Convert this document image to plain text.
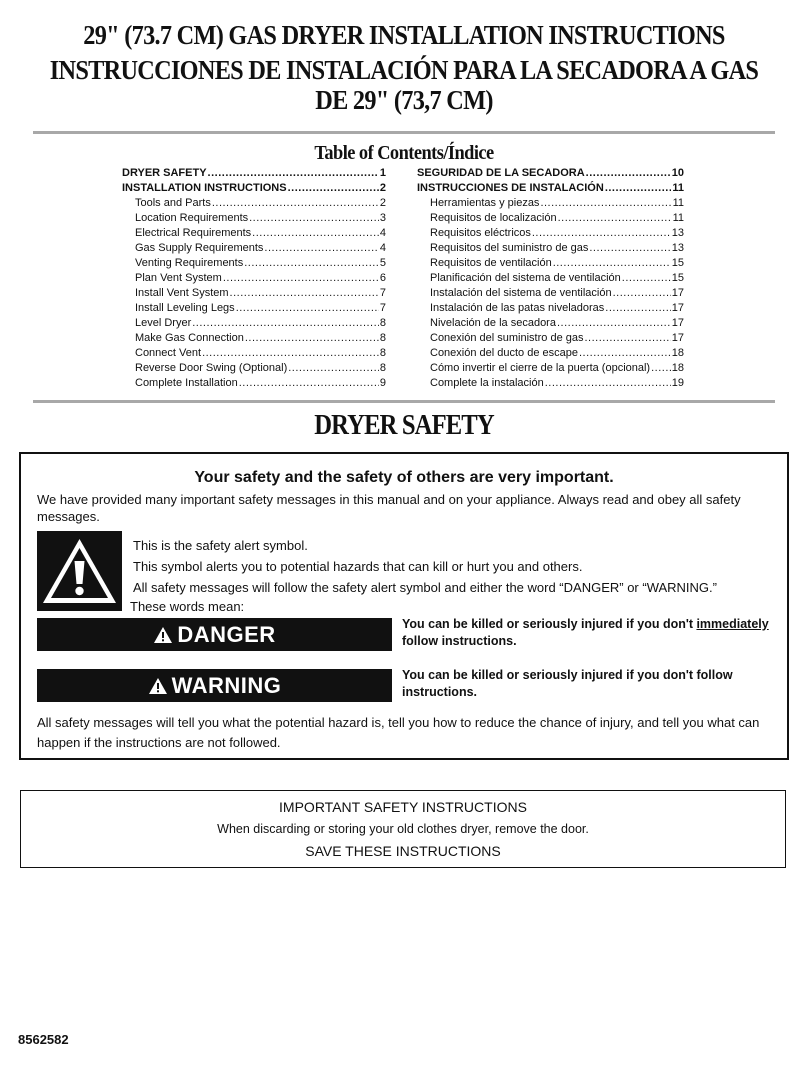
29" (73.7 CM) GAS DRYER INSTALLATION INSTRUCTIONS
INSTRUCCIONES DE INSTALACIÓN PARA LA SECADORA A GAS
DE 29" (73,7 CM)
Table of Contents/Índice
DRYER SAFETY .....	1
INSTALLATION INSTRUCTIONS .....	2
Tools and Parts .....	2
Location Requirements .....	3
Electrical Requirements .....	4
Gas Supply Requirements .....	4
Venting Requirements .....	5
Plan Vent System .....	6
Install Vent System .....	7
Install Leveling Legs .....	7
Level Dryer .....	8
Make Gas Connection .....	8
Connect Vent .....	8
Reverse Door Swing (Optional) .....	8
Complete Installation .....	9
SEGURIDAD DE LA SECADORA .....	10
INSTRUCCIONES DE INSTALACIÓN .....	11
Herramientas y piezas .....	11
Requisitos de localización .....	11
Requisitos eléctricos .....	13
Requisitos del suministro de gas .....	13
Requisitos de ventilación .....	15
Planificación del sistema de ventilación .....	15
Instalación del sistema de ventilación .....	17
Instalación de las patas niveladoras .....	17
Nivelación de la secadora .....	17
Conexión del suministro de gas .....	17
Conexión del ducto de escape .....	18
Cómo invertir el cierre de la puerta (opcional) ..... 18
Complete la instalación .....	19
DRYER SAFETY
Your safety and the safety of others are very important.
We have provided many important safety messages in this manual and on your appliance. Always read and obey all safety messages.
This is the safety alert symbol.
This symbol alerts you to potential hazards that can kill or hurt you and others.
All safety messages will follow the safety alert symbol and either the word “DANGER” or “WARNING.”
These words mean:
DANGER	You can be killed or seriously injured if you don't immediately follow instructions.
WARNING	You can be killed or seriously injured if you don't follow instructions.
All safety messages will tell you what the potential hazard is, tell you how to reduce the chance of injury, and tell you what can happen if the instructions are not followed.
IMPORTANT SAFETY INSTRUCTIONS
When discarding or storing your old clothes dryer, remove the door.
SAVE THESE INSTRUCTIONS
8562582
